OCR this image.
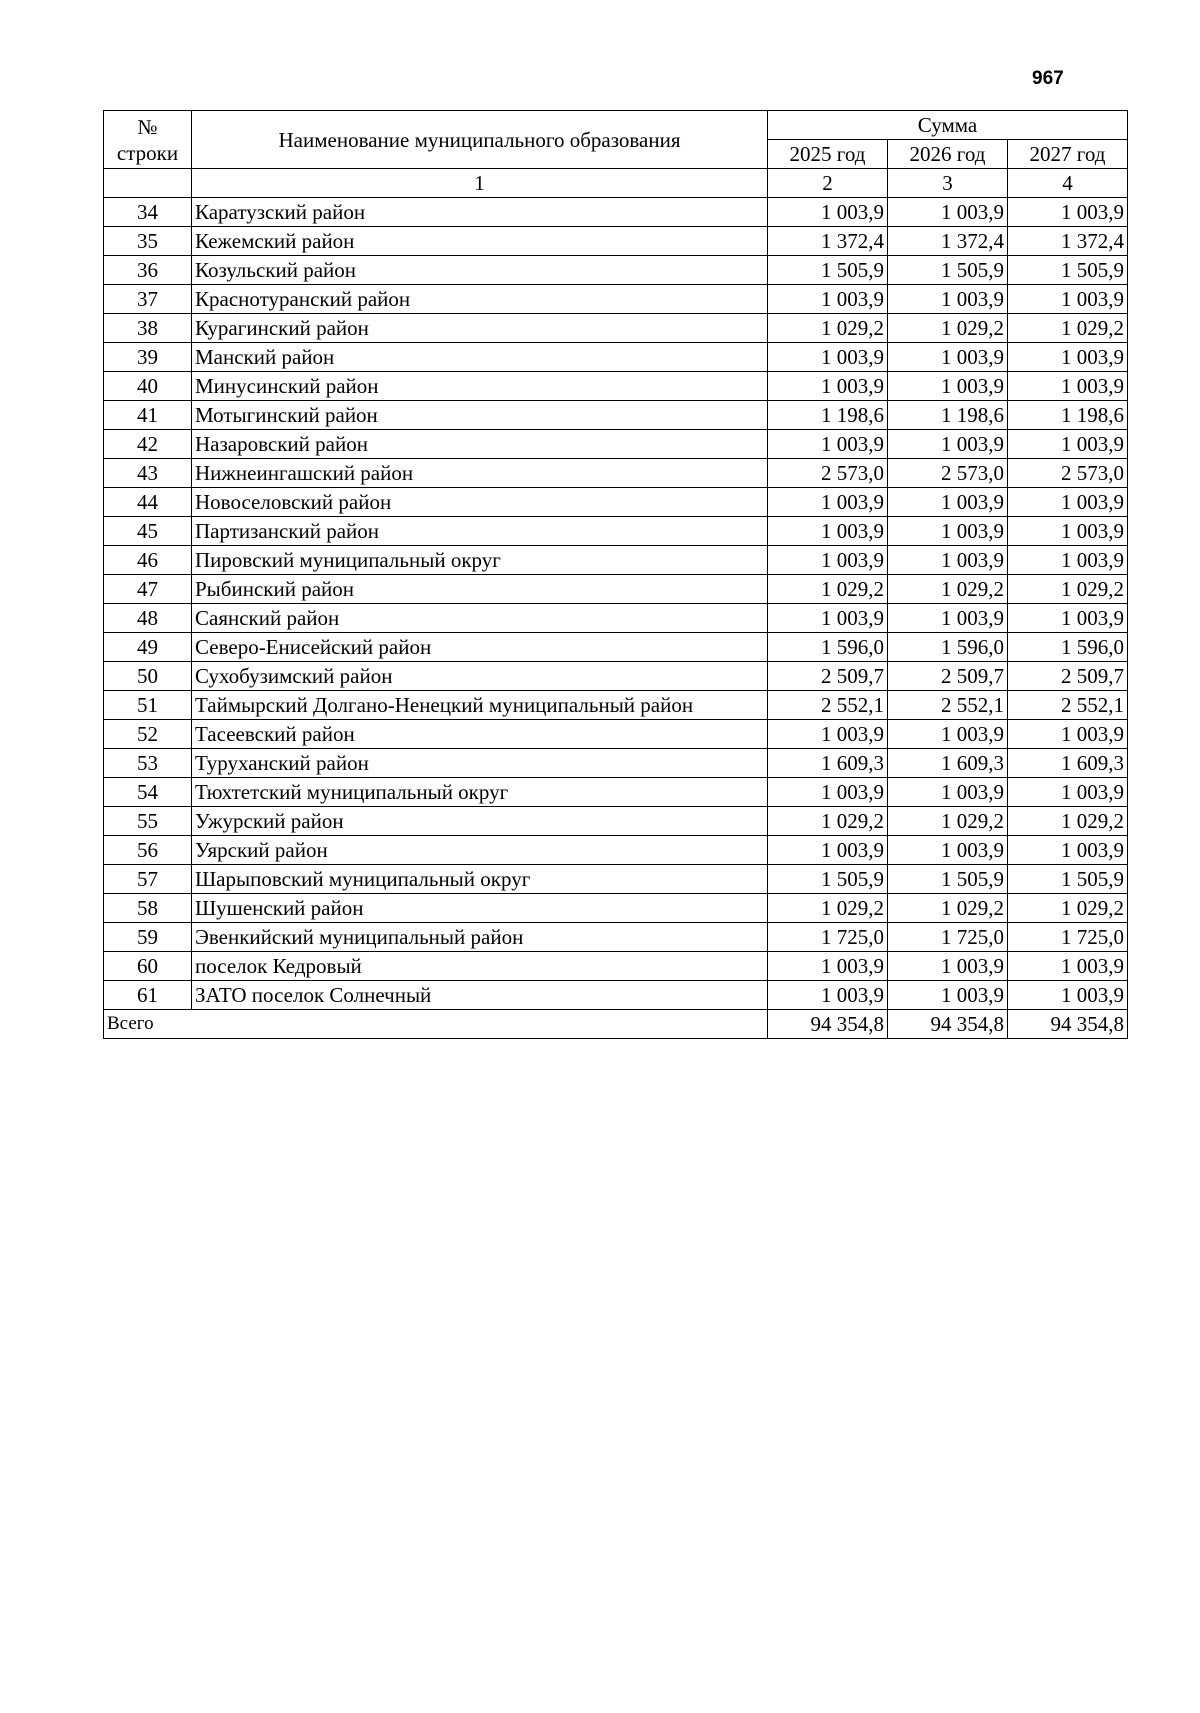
967
№
строки	Наименование муниципального образования	Сумма		
		2025 год	2026 год	2027 год
	1	2	3	4
34	Каратузский район	1 003,9	1 003,9	1 003,9
35	Кежемский район	1 372,4	1 372,4	1 372,4
36	Козульский район	1 505,9	1 505,9	1 505,9
37	Краснотуранский район	1 003,9	1 003,9	1 003,9
38	Курагинский район	1 029,2	1 029,2	1 029,2
39	Манский район	1 003,9	1 003,9	1 003,9
40	Минусинский район	1 003,9	1 003,9	1 003,9
41	Мотыгинский район	1 198,6	1 198,6	1 198,6
42	Назаровский район	1 003,9	1 003,9	1 003,9
43	Нижнеингашский район	2 573,0	2 573,0	2 573,0
44	Новоселовский район	1 003,9	1 003,9	1 003,9
45	Партизанский район	1 003,9	1 003,9	1 003,9
46	Пировский муниципальный округ	1 003,9	1 003,9	1 003,9
47	Рыбинский район	1 029,2	1 029,2	1 029,2
48	Саянский район	1 003,9	1 003,9	1 003,9
49	Северо-Енисейский район	1 596,0	1 596,0	1 596,0
50	Сухобузимский район	2 509,7	2 509,7	2 509,7
51	Таймырский Долгано-Ненецкий муниципальный район	2 552,1	2 552,1	2 552,1
52	Тасеевский район	1 003,9	1 003,9	1 003,9
53	Туруханский район	1 609,3	1 609,3	1 609,3
54	Тюхтетский муниципальный округ	1 003,9	1 003,9	1 003,9
55	Ужурский район	1 029,2	1 029,2	1 029,2
56	Уярский район	1 003,9	1 003,9	1 003,9
57	Шарыповский муниципальный округ	1 505,9	1 505,9	1 505,9
58	Шушенский район	1 029,2	1 029,2	1 029,2
59	Эвенкийский муниципальный район	1 725,0	1 725,0	1 725,0
60	поселок Кедровый	1 003,9	1 003,9	1 003,9
61	ЗАТО поселок Солнечный	1 003,9	1 003,9	1 003,9
Всего		94 354,8	94 354,8	94 354,8
